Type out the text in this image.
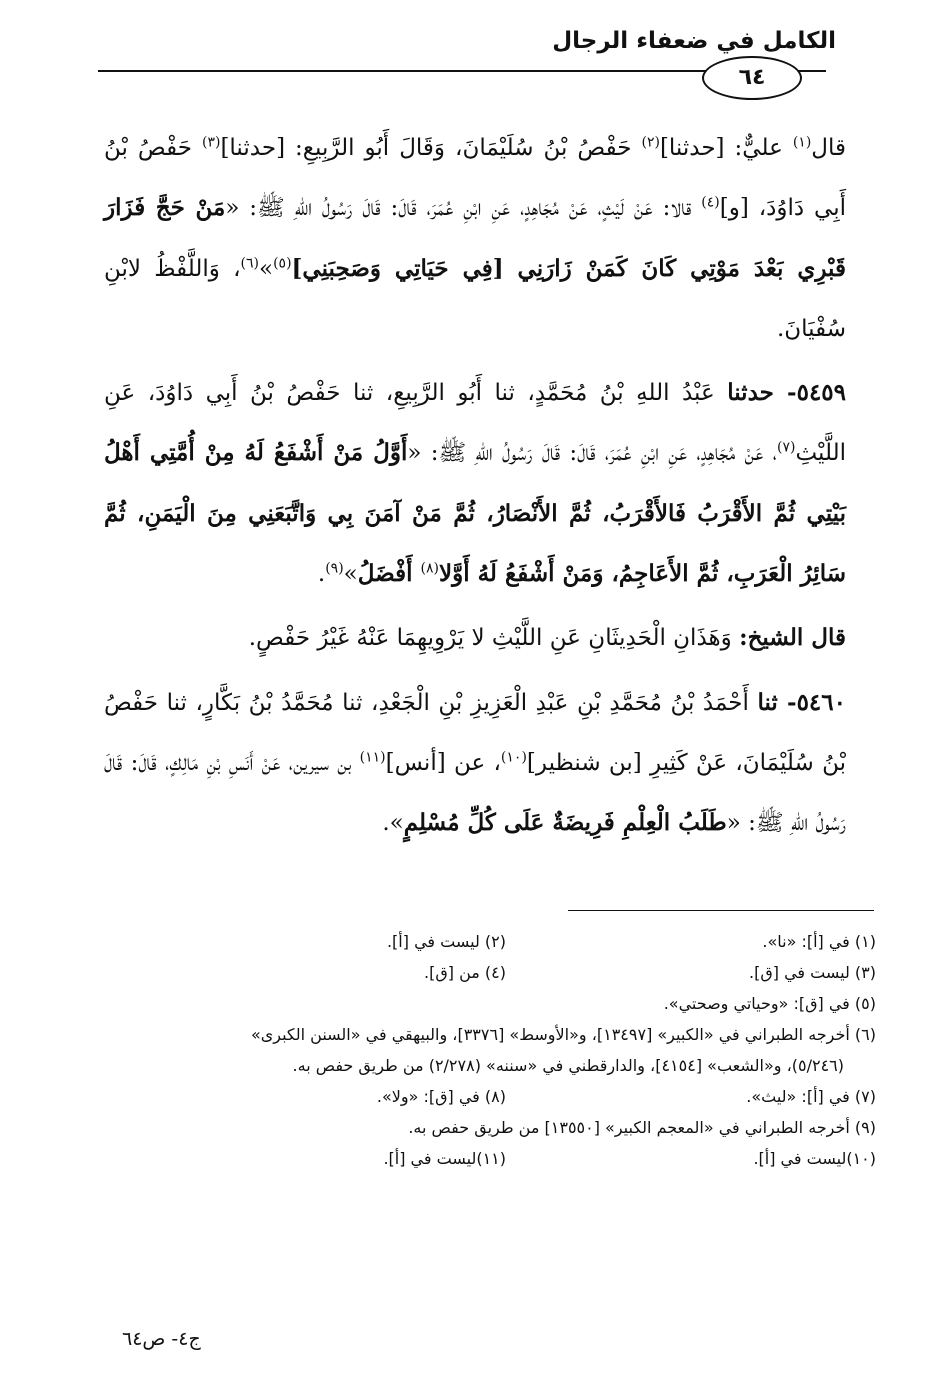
الكامل في ضعفاء الرجال
٦٤

قال$^{(١)}$ عليٌّ: [حدثنا]$^{(٢)}$ حَفْصُ بْنُ سُلَيْمَانَ، وَقَالَ أَبُو الرَّبِيعِ: [حدثنا]$^{(٣)}$ حَفْصُ بْنُ أَبِي دَاوُدَ، [و]$^{(٤)}$ قالا: عَنْ لَيْثٍ، عَنْ مُجَاهِدٍ، عَنِ ابْنِ عُمَرَ، قَالَ: قَالَ رَسُولُ اللهِ ﷺ: «مَنْ حَجَّ فَزَارَ قَبْرِي بَعْدَ مَوْتِي كَانَ كَمَنْ زَارَنِي [فِي حَيَاتِي وَصَحِبَنِي]$^{(٥)}$»$^{(٦)}$، وَاللَّفْظُ لابْنِ سُفْيَانَ.

٥٤٥٩- حدثنا عَبْدُ اللهِ بْنُ مُحَمَّدٍ، ثنا أَبُو الرَّبِيعِ، ثنا حَفْصُ بْنُ أَبِي دَاوُدَ، عَنِ اللَّيْثِ$^{(٧)}$، عَنْ مُجَاهِدٍ، عَنِ ابْنِ عُمَرَ، قَالَ: قَالَ رَسُولُ اللهِ ﷺ: «أَوَّلُ مَنْ أَشْفَعُ لَهُ مِنْ أُمَّتِي أَهْلُ بَيْتِي ثُمَّ الأَقْرَبُ فَالأَقْرَبُ، ثُمَّ الأَنْصَارُ، ثُمَّ مَنْ آمَنَ بِي وَاتَّبَعَنِي مِنَ الْيَمَنِ، ثُمَّ سَائِرُ الْعَرَبِ، ثُمَّ الأَعَاجِمُ، وَمَنْ أَشْفَعُ لَهُ أَوَّلا$^{(٨)}$ أَفْضَلُ»$^{(٩)}$.

قال الشيخ: وَهَذَانِ الْحَدِيثَانِ عَنِ اللَّيْثِ لا يَرْوِيهِمَا عَنْهُ غَيْرُ حَفْصٍ.

٥٤٦٠- ثنا أَحْمَدُ بْنُ مُحَمَّدِ بْنِ عَبْدِ الْعَزِيزِ بْنِ الْجَعْدِ، ثنا مُحَمَّدُ بْنُ بَكَّارٍ، ثنا حَفْصُ بْنُ سُلَيْمَانَ، عَنْ كَثِيرِ [بن شنظير]$^{(١٠)}$، عن [أنس]$^{(١١)}$ بن سيرين، عَنْ أَنَسِ بْنِ مَالِكٍ، قَالَ: قَالَ رَسُولُ اللهِ ﷺ: «طَلَبُ الْعِلْمِ فَرِيضَةٌ عَلَى كُلِّ مُسْلِمٍ».

(١) في [أ]: «نا».
(٢) ليست في [أ].
(٣) ليست في [ق].
(٤) من [ق].
(٥) في [ق]: «وحياتي وصحتي».
(٦) أخرجه الطبراني في «الكبير» [١٣٤٩٧]، و«الأوسط» [٣٣٧٦]، والبيهقي في «السنن الكبرى»
(٥/٢٤٦)، و«الشعب» [٤١٥٤]، والدارقطني في «سننه» (٢/٢٧٨) من طريق حفص به.
(٧) في [أ]: «ليث».
(٨) في [ق]: «ولا».
(٩) أخرجه الطبراني في «المعجم الكبير» [١٣٥٥٠] من طريق حفص به.
(١٠)ليست في [أ].
(١١)ليست في [أ].
ج٤- ص٦٤
